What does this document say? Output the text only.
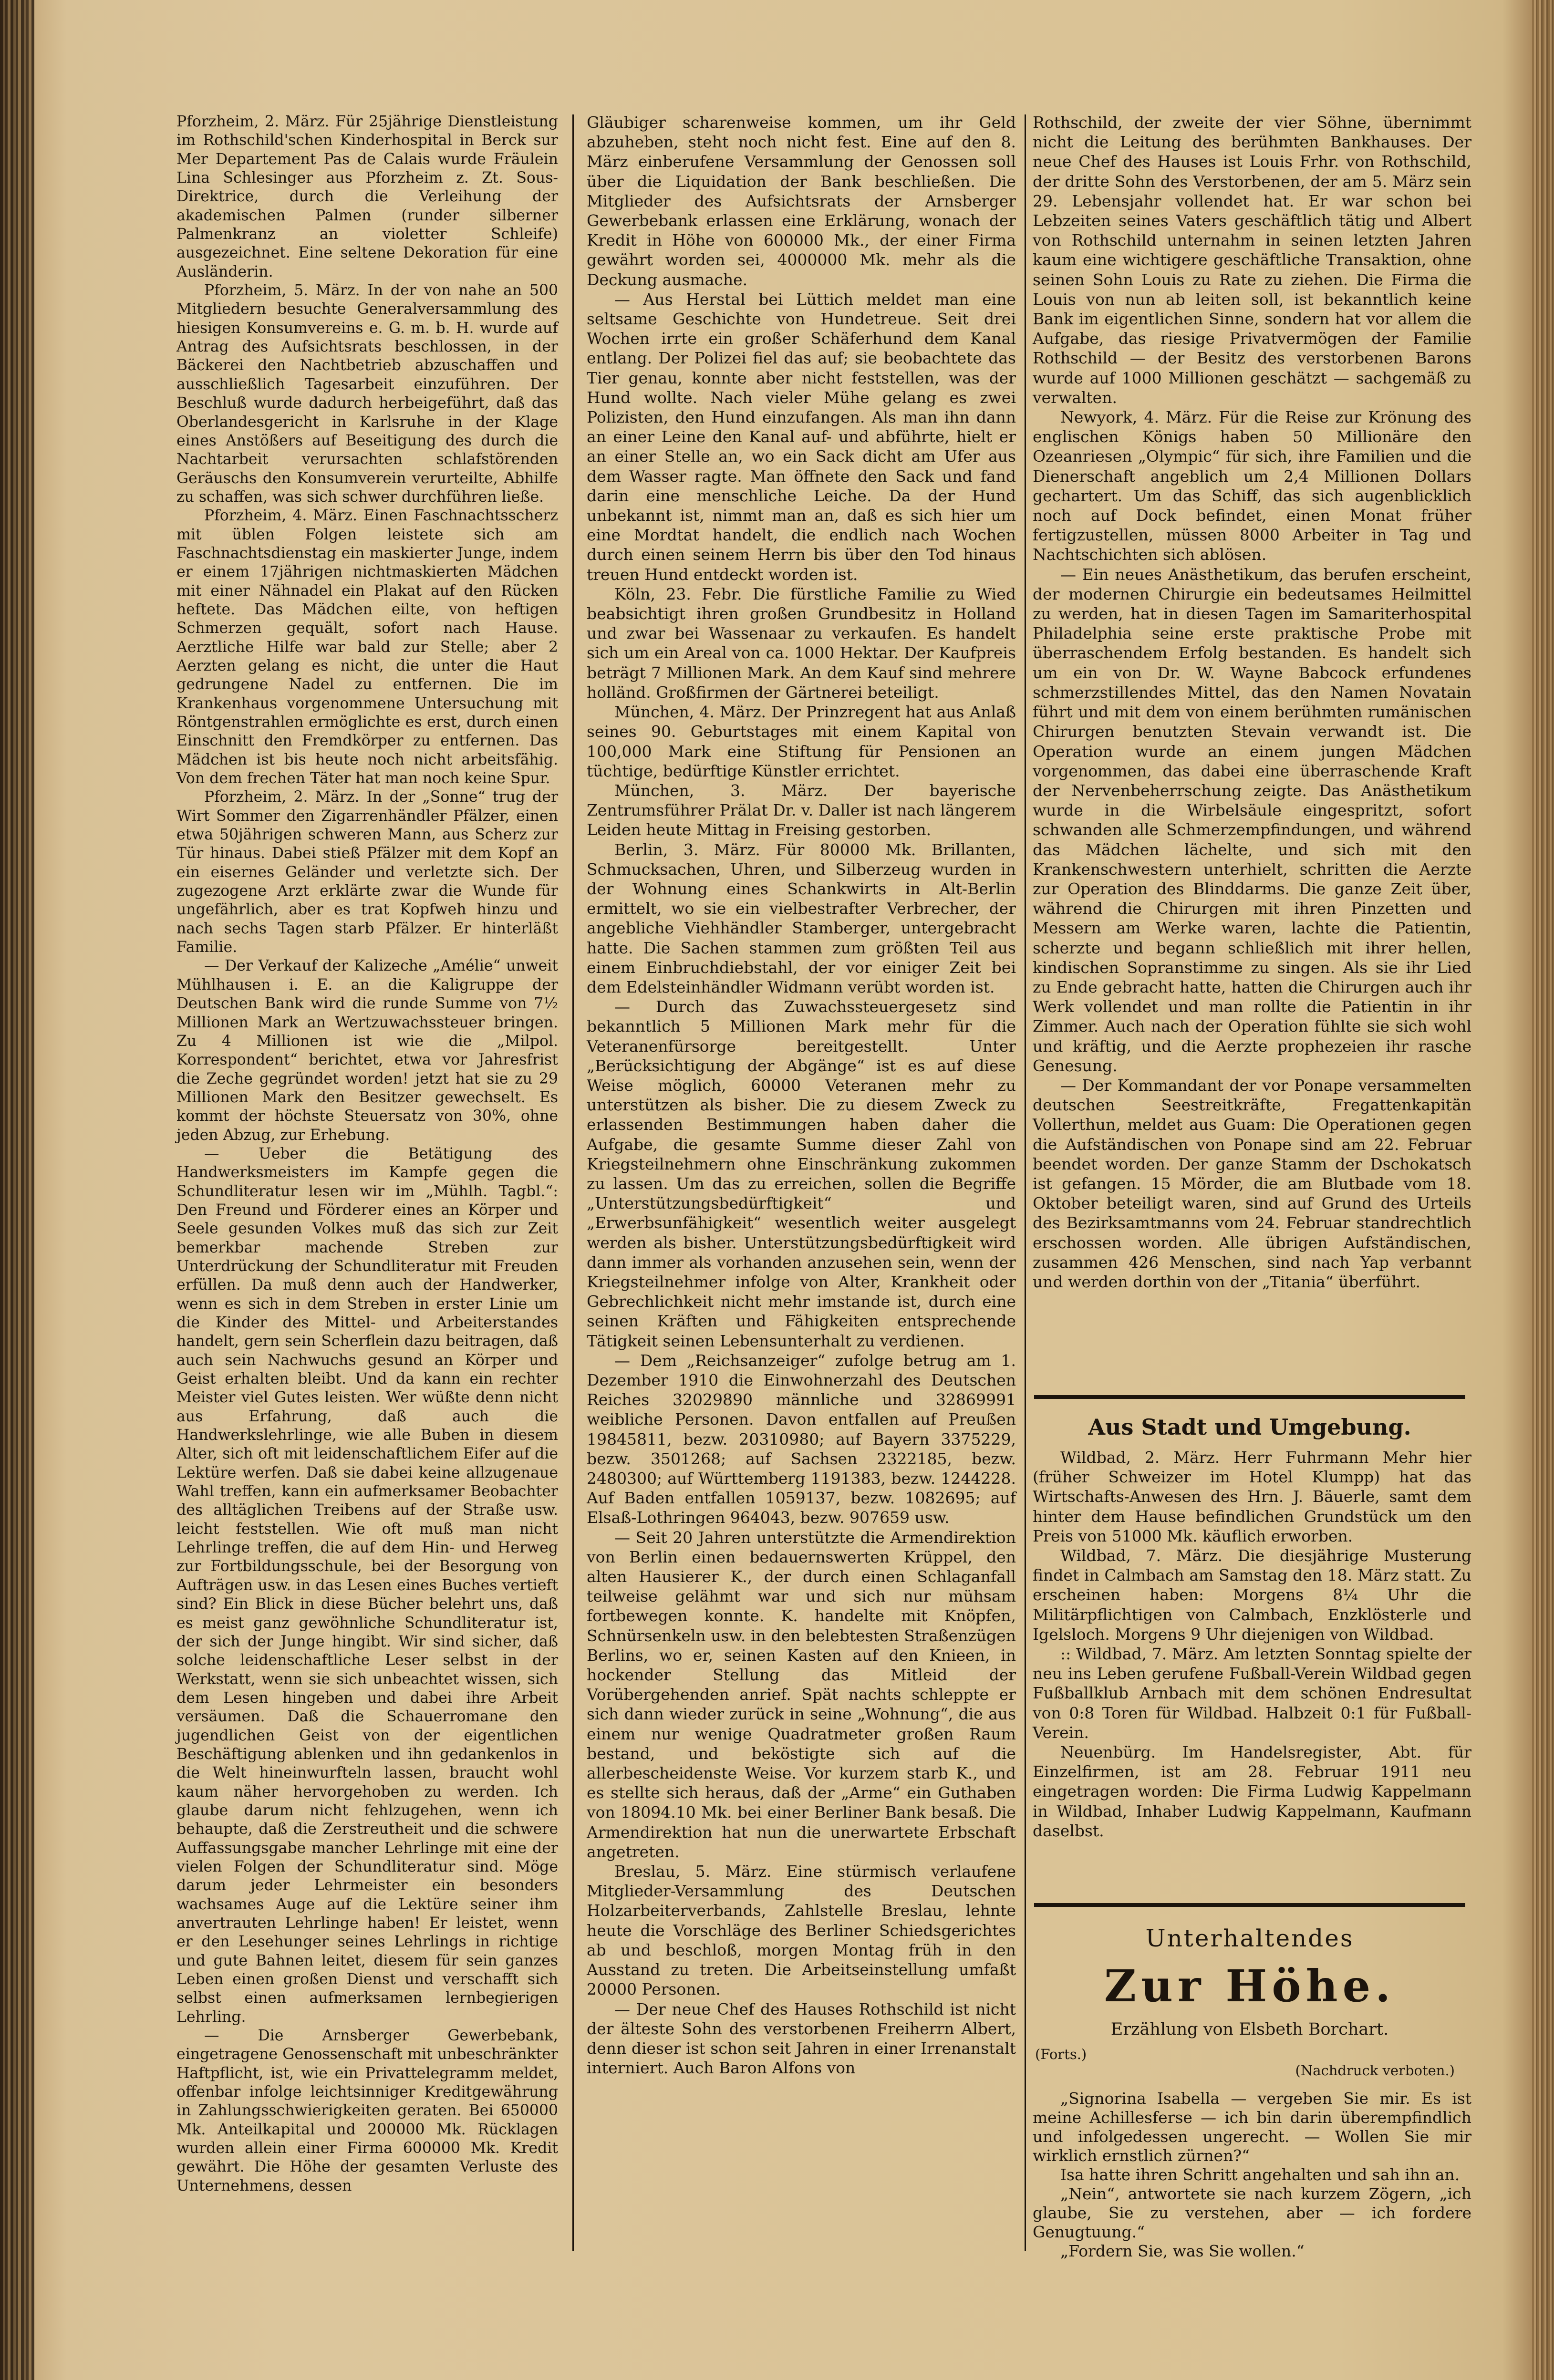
Pforzheim, 2. März. Für 25jährige Dienstleistung im Rothschild'schen Kinderhospital in Berck sur Mer Departement Pas de Calais wurde Fräulein Lina Schlesinger aus Pforzheim z. Zt. Sous-Direktrice, durch die Verleihung der akademischen Palmen (runder silberner Palmenkranz an violetter Schleife) ausgezeichnet. Eine seltene Dekoration für eine Ausländerin.

Pforzheim, 5. März. In der von nahe an 500 Mitgliedern besuchte Generalversammlung des hiesigen Konsumvereins e. G. m. b. H. wurde auf Antrag des Aufsichtsrats beschlossen, in der Bäckerei den Nachtbetrieb abzuschaffen und ausschließlich Tagesarbeit einzuführen. Der Beschluß wurde dadurch herbeigeführt, daß das Oberlandesgericht in Karlsruhe in der Klage eines Anstößers auf Beseitigung des durch die Nachtarbeit verursachten schlafstörenden Geräuschs den Konsumverein verurteilte, Abhilfe zu schaffen, was sich schwer durchführen ließe.

Pforzheim, 4. März. Einen Faschnachtsscherz mit üblen Folgen leistete sich am Faschnachtsdienstag ein maskierter Junge, indem er einem 17jährigen nichtmaskierten Mädchen mit einer Nähnadel ein Plakat auf den Rücken heftete. Das Mädchen eilte, von heftigen Schmerzen gequält, sofort nach Hause. Aerztliche Hilfe war bald zur Stelle; aber 2 Aerzten gelang es nicht, die unter die Haut gedrungene Nadel zu entfernen. Die im Krankenhaus vorgenommene Untersuchung mit Röntgenstrahlen ermöglichte es erst, durch einen Einschnitt den Fremdkörper zu entfernen. Das Mädchen ist bis heute noch nicht arbeitsfähig. Von dem frechen Täter hat man noch keine Spur.

Pforzheim, 2. März. In der „Sonne“ trug der Wirt Sommer den Zigarrenhändler Pfälzer, einen etwa 50jährigen schweren Mann, aus Scherz zur Tür hinaus. Dabei stieß Pfälzer mit dem Kopf an ein eisernes Geländer und verletzte sich. Der zugezogene Arzt erklärte zwar die Wunde für ungefährlich, aber es trat Kopfweh hinzu und nach sechs Tagen starb Pfälzer. Er hinterläßt Familie.

— Der Verkauf der Kalizeche „Amélie“ unweit Mühlhausen i. E. an die Kaligruppe der Deutschen Bank wird die runde Summe von 7½ Millionen Mark an Wertzuwachssteuer bringen. Zu 4 Millionen ist wie die „Milpol. Korrespondent“ berichtet, etwa vor Jahresfrist die Zeche gegründet worden! jetzt hat sie zu 29 Millionen Mark den Besitzer gewechselt. Es kommt der höchste Steuersatz von 30%, ohne jeden Abzug, zur Erhebung.

— Ueber die Betätigung des Handwerksmeisters im Kampfe gegen die Schundliteratur lesen wir im „Mühlh. Tagbl.“: Den Freund und Förderer eines an Körper und Seele gesunden Volkes muß das sich zur Zeit bemerkbar machende Streben zur Unterdrückung der Schundliteratur mit Freuden erfüllen. Da muß denn auch der Handwerker, wenn es sich in dem Streben in erster Linie um die Kinder des Mittel- und Arbeiterstandes handelt, gern sein Scherflein dazu beitragen, daß auch sein Nachwuchs gesund an Körper und Geist erhalten bleibt. Und da kann ein rechter Meister viel Gutes leisten. Wer wüßte denn nicht aus Erfahrung, daß auch die Handwerkslehrlinge, wie alle Buben in diesem Alter, sich oft mit leidenschaftlichem Eifer auf die Lektüre werfen. Daß sie dabei keine allzugenaue Wahl treffen, kann ein aufmerksamer Beobachter des alltäglichen Treibens auf der Straße usw. leicht feststellen. Wie oft muß man nicht Lehrlinge treffen, die auf dem Hin- und Herweg zur Fortbildungsschule, bei der Besorgung von Aufträgen usw. in das Lesen eines Buches vertieft sind? Ein Blick in diese Bücher belehrt uns, daß es meist ganz gewöhnliche Schundliteratur ist, der sich der Junge hingibt. Wir sind sicher, daß solche leidenschaftliche Leser selbst in der Werkstatt, wenn sie sich unbeachtet wissen, sich dem Lesen hingeben und dabei ihre Arbeit versäumen. Daß die Schauerromane den jugendlichen Geist von der eigentlichen Beschäftigung ablenken und ihn gedankenlos in die Welt hineinwurfteln lassen, braucht wohl kaum näher hervorgehoben zu werden. Ich glaube darum nicht fehlzugehen, wenn ich behaupte, daß die Zerstreutheit und die schwere Auffassungsgabe mancher Lehrlinge mit eine der vielen Folgen der Schundliteratur sind. Möge darum jeder Lehrmeister ein besonders wachsames Auge auf die Lektüre seiner ihm anvertrauten Lehrlinge haben! Er leistet, wenn er den Lesehunger seines Lehrlings in richtige und gute Bahnen leitet, diesem für sein ganzes Leben einen großen Dienst und verschafft sich selbst einen aufmerksamen lernbegierigen Lehrling.

— Die Arnsberger Gewerbebank, eingetragene Genossenschaft mit unbeschränkter Haftpflicht, ist, wie ein Privattelegramm meldet, offenbar infolge leichtsinniger Kreditgewährung in Zahlungsschwierigkeiten geraten. Bei 650000 Mk. Anteilkapital und 200000 Mk. Rücklagen wurden allein einer Firma 600000 Mk. Kredit gewährt. Die Höhe der gesamten Verluste des Unternehmens, dessen

Gläubiger scharenweise kommen, um ihr Geld abzuheben, steht noch nicht fest. Eine auf den 8. März einberufene Versammlung der Genossen soll über die Liquidation der Bank beschließen. Die Mitglieder des Aufsichtsrats der Arnsberger Gewerbebank erlassen eine Erklärung, wonach der Kredit in Höhe von 600000 Mk., der einer Firma gewährt worden sei, 4000000 Mk. mehr als die Deckung ausmache.

— Aus Herstal bei Lüttich meldet man eine seltsame Geschichte von Hundetreue. Seit drei Wochen irrte ein großer Schäferhund dem Kanal entlang. Der Polizei fiel das auf; sie beobachtete das Tier genau, konnte aber nicht feststellen, was der Hund wollte. Nach vieler Mühe gelang es zwei Polizisten, den Hund einzufangen. Als man ihn dann an einer Leine den Kanal auf- und abführte, hielt er an einer Stelle an, wo ein Sack dicht am Ufer aus dem Wasser ragte. Man öffnete den Sack und fand darin eine menschliche Leiche. Da der Hund unbekannt ist, nimmt man an, daß es sich hier um eine Mordtat handelt, die endlich nach Wochen durch einen seinem Herrn bis über den Tod hinaus treuen Hund entdeckt worden ist.

Köln, 23. Febr. Die fürstliche Familie zu Wied beabsichtigt ihren großen Grundbesitz in Holland und zwar bei Wassenaar zu verkaufen. Es handelt sich um ein Areal von ca. 1000 Hektar. Der Kaufpreis beträgt 7 Millionen Mark. An dem Kauf sind mehrere holländ. Großfirmen der Gärtnerei beteiligt.

München, 4. März. Der Prinzregent hat aus Anlaß seines 90. Geburtstages mit einem Kapital von 100,000 Mark eine Stiftung für Pensionen an tüchtige, bedürftige Künstler errichtet.

München, 3. März. Der bayerische Zentrumsführer Prälat Dr. v. Daller ist nach längerem Leiden heute Mittag in Freising gestorben.

Berlin, 3. März. Für 80000 Mk. Brillanten, Schmucksachen, Uhren, und Silberzeug wurden in der Wohnung eines Schankwirts in Alt-Berlin ermittelt, wo sie ein vielbestrafter Verbrecher, der angebliche Viehhändler Stamberger, untergebracht hatte. Die Sachen stammen zum größten Teil aus einem Einbruchdiebstahl, der vor einiger Zeit bei dem Edelsteinhändler Widmann verübt worden ist.

— Durch das Zuwachssteuergesetz sind bekanntlich 5 Millionen Mark mehr für die Veteranenfürsorge bereitgestellt. Unter „Berücksichtigung der Abgänge“ ist es auf diese Weise möglich, 60000 Veteranen mehr zu unterstützen als bisher. Die zu diesem Zweck zu erlassenden Bestimmungen haben daher die Aufgabe, die gesamte Summe dieser Zahl von Kriegsteilnehmern ohne Einschränkung zukommen zu lassen. Um das zu erreichen, sollen die Begriffe „Unterstützungsbedürftigkeit“ und „Erwerbsunfähigkeit“ wesentlich weiter ausgelegt werden als bisher. Unterstützungsbedürftigkeit wird dann immer als vorhanden anzusehen sein, wenn der Kriegsteilnehmer infolge von Alter, Krankheit oder Gebrechlichkeit nicht mehr imstande ist, durch eine seinen Kräften und Fähigkeiten entsprechende Tätigkeit seinen Lebensunterhalt zu verdienen.

— Dem „Reichsanzeiger“ zufolge betrug am 1. Dezember 1910 die Einwohnerzahl des Deutschen Reiches 32029890 männliche und 32869991 weibliche Personen. Davon entfallen auf Preußen 19845811, bezw. 20310980; auf Bayern 3375229, bezw. 3501268; auf Sachsen 2322185, bezw. 2480300; auf Württemberg 1191383, bezw. 1244228. Auf Baden entfallen 1059137, bezw. 1082695; auf Elsaß-Lothringen 964043, bezw. 907659 usw.

— Seit 20 Jahren unterstützte die Armendirektion von Berlin einen bedauernswerten Krüppel, den alten Hausierer K., der durch einen Schlaganfall teilweise gelähmt war und sich nur mühsam fortbewegen konnte. K. handelte mit Knöpfen, Schnürsenkeln usw. in den belebtesten Straßenzügen Berlins, wo er, seinen Kasten auf den Knieen, in hockender Stellung das Mitleid der Vorübergehenden anrief. Spät nachts schleppte er sich dann wieder zurück in seine „Wohnung“, die aus einem nur wenige Quadratmeter großen Raum bestand, und beköstigte sich auf die allerbescheidenste Weise. Vor kurzem starb K., und es stellte sich heraus, daß der „Arme“ ein Guthaben von 18094.10 Mk. bei einer Berliner Bank besaß. Die Armendirektion hat nun die unerwartete Erbschaft angetreten.

Breslau, 5. März. Eine stürmisch verlaufene Mitglieder-Versammlung des Deutschen Holzarbeiterverbands, Zahlstelle Breslau, lehnte heute die Vorschläge des Berliner Schiedsgerichtes ab und beschloß, morgen Montag früh in den Ausstand zu treten. Die Arbeitseinstellung umfaßt 20000 Personen.

— Der neue Chef des Hauses Rothschild ist nicht der älteste Sohn des verstorbenen Freiherrn Albert, denn dieser ist schon seit Jahren in einer Irrenanstalt interniert. Auch Baron Alfons von

Rothschild, der zweite der vier Söhne, übernimmt nicht die Leitung des berühmten Bankhauses. Der neue Chef des Hauses ist Louis Frhr. von Rothschild, der dritte Sohn des Verstorbenen, der am 5. März sein 29. Lebensjahr vollendet hat. Er war schon bei Lebzeiten seines Vaters geschäftlich tätig und Albert von Rothschild unternahm in seinen letzten Jahren kaum eine wichtigere geschäftliche Transaktion, ohne seinen Sohn Louis zu Rate zu ziehen. Die Firma die Louis von nun ab leiten soll, ist bekanntlich keine Bank im eigentlichen Sinne, sondern hat vor allem die Aufgabe, das riesige Privatvermögen der Familie Rothschild — der Besitz des verstorbenen Barons wurde auf 1000 Millionen geschätzt — sachgemäß zu verwalten.

Newyork, 4. März. Für die Reise zur Krönung des englischen Königs haben 50 Millionäre den Ozeanriesen „Olympic“ für sich, ihre Familien und die Dienerschaft angeblich um 2,4 Millionen Dollars gechartert. Um das Schiff, das sich augenblicklich noch auf Dock befindet, einen Monat früher fertigzustellen, müssen 8000 Arbeiter in Tag und Nachtschichten sich ablösen.

— Ein neues Anästhetikum, das berufen erscheint, der modernen Chirurgie ein bedeutsames Heilmittel zu werden, hat in diesen Tagen im Samariterhospital Philadelphia seine erste praktische Probe mit überraschendem Erfolg bestanden. Es handelt sich um ein von Dr. W. Wayne Babcock erfundenes schmerzstillendes Mittel, das den Namen Novatain führt und mit dem von einem berühmten rumänischen Chirurgen benutzten Stevain verwandt ist. Die Operation wurde an einem jungen Mädchen vorgenommen, das dabei eine überraschende Kraft der Nervenbeherrschung zeigte. Das Anästhetikum wurde in die Wirbelsäule eingespritzt, sofort schwanden alle Schmerzempfindungen, und während das Mädchen lächelte, und sich mit den Krankenschwestern unterhielt, schritten die Aerzte zur Operation des Blinddarms. Die ganze Zeit über, während die Chirurgen mit ihren Pinzetten und Messern am Werke waren, lachte die Patientin, scherzte und begann schließlich mit ihrer hellen, kindischen Sopranstimme zu singen. Als sie ihr Lied zu Ende gebracht hatte, hatten die Chirurgen auch ihr Werk vollendet und man rollte die Patientin in ihr Zimmer. Auch nach der Operation fühlte sie sich wohl und kräftig, und die Aerzte prophezeien ihr rasche Genesung.

— Der Kommandant der vor Ponape versammelten deutschen Seestreitkräfte, Fregattenkapitän Vollerthun, meldet aus Guam: Die Operationen gegen die Aufständischen von Ponape sind am 22. Februar beendet worden. Der ganze Stamm der Dschokatsch ist gefangen. 15 Mörder, die am Blutbade vom 18. Oktober beteiligt waren, sind auf Grund des Urteils des Bezirksamtmanns vom 24. Februar standrechtlich erschossen worden. Alle übrigen Aufständischen, zusammen 426 Menschen, sind nach Yap verbannt und werden dorthin von der „Titania“ überführt.

Aus Stadt und Umgebung.

Wildbad, 2. März. Herr Fuhrmann Mehr hier (früher Schweizer im Hotel Klumpp) hat das Wirtschafts-Anwesen des Hrn. J. Bäuerle, samt dem hinter dem Hause befindlichen Grundstück um den Preis von 51000 Mk. käuflich erworben.

Wildbad, 7. März. Die diesjährige Musterung findet in Calmbach am Samstag den 18. März statt. Zu erscheinen haben: Morgens 8¼ Uhr die Militärpflichtigen von Calmbach, Enzklösterle und Igelsloch. Morgens 9 Uhr diejenigen von Wildbad.

:: Wildbad, 7. März. Am letzten Sonntag spielte der neu ins Leben gerufene Fußball-Verein Wildbad gegen Fußballklub Arnbach mit dem schönen Endresultat von 0:8 Toren für Wildbad. Halbzeit 0:1 für Fußball-Verein.

Neuenbürg. Im Handelsregister, Abt. für Einzelfirmen, ist am 28. Februar 1911 neu eingetragen worden: Die Firma Ludwig Kappelmann in Wildbad, Inhaber Ludwig Kappelmann, Kaufmann daselbst.

Unterhaltendes
Zur Höhe.
Erzählung von Elsbeth Borchart.
(Forts.)
(Nachdruck verboten.)

„Signorina Isabella — vergeben Sie mir. Es ist meine Achillesferse — ich bin darin überempfindlich und infolgedessen ungerecht. — Wollen Sie mir wirklich ernstlich zürnen?“

Isa hatte ihren Schritt angehalten und sah ihn an.

„Nein“, antwortete sie nach kurzem Zögern, „ich glaube, Sie zu verstehen, aber — ich fordere Genugtuung.“

„Fordern Sie, was Sie wollen.“
